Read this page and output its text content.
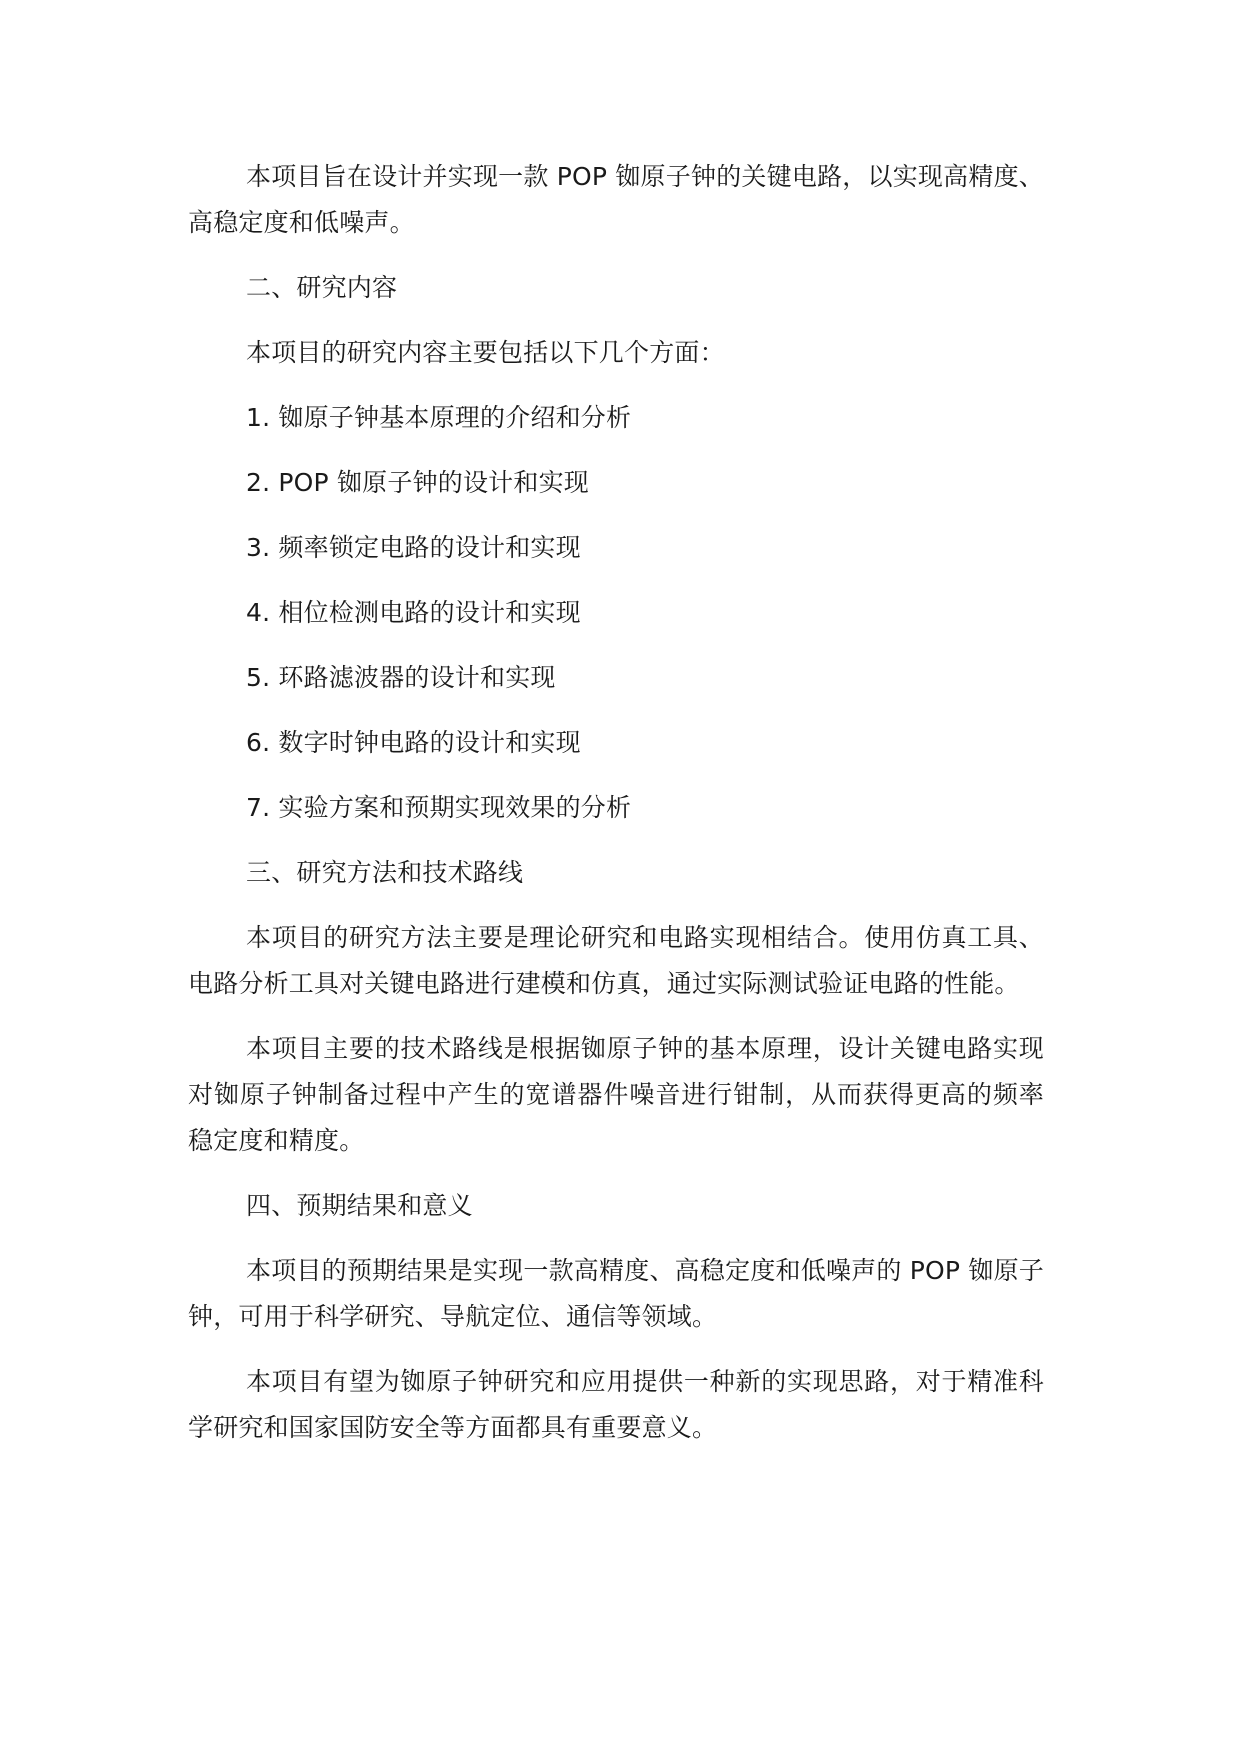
本项目旨在设计并实现一款 POP 铷原子钟的关键电路，以实现高精度、高稳定度和低噪声。

二、研究内容

本项目的研究内容主要包括以下几个方面：

1. 铷原子钟基本原理的介绍和分析

2. POP 铷原子钟的设计和实现

3. 频率锁定电路的设计和实现

4. 相位检测电路的设计和实现

5. 环路滤波器的设计和实现

6. 数字时钟电路的设计和实现

7. 实验方案和预期实现效果的分析

三、研究方法和技术路线

本项目的研究方法主要是理论研究和电路实现相结合。使用仿真工具、电路分析工具对关键电路进行建模和仿真，通过实际测试验证电路的性能。

本项目主要的技术路线是根据铷原子钟的基本原理，设计关键电路实现对铷原子钟制备过程中产生的宽谱器件噪音进行钳制，从而获得更高的频率稳定度和精度。

四、预期结果和意义

本项目的预期结果是实现一款高精度、高稳定度和低噪声的 POP 铷原子钟，可用于科学研究、导航定位、通信等领域。

本项目有望为铷原子钟研究和应用提供一种新的实现思路，对于精准科学研究和国家国防安全等方面都具有重要意义。
